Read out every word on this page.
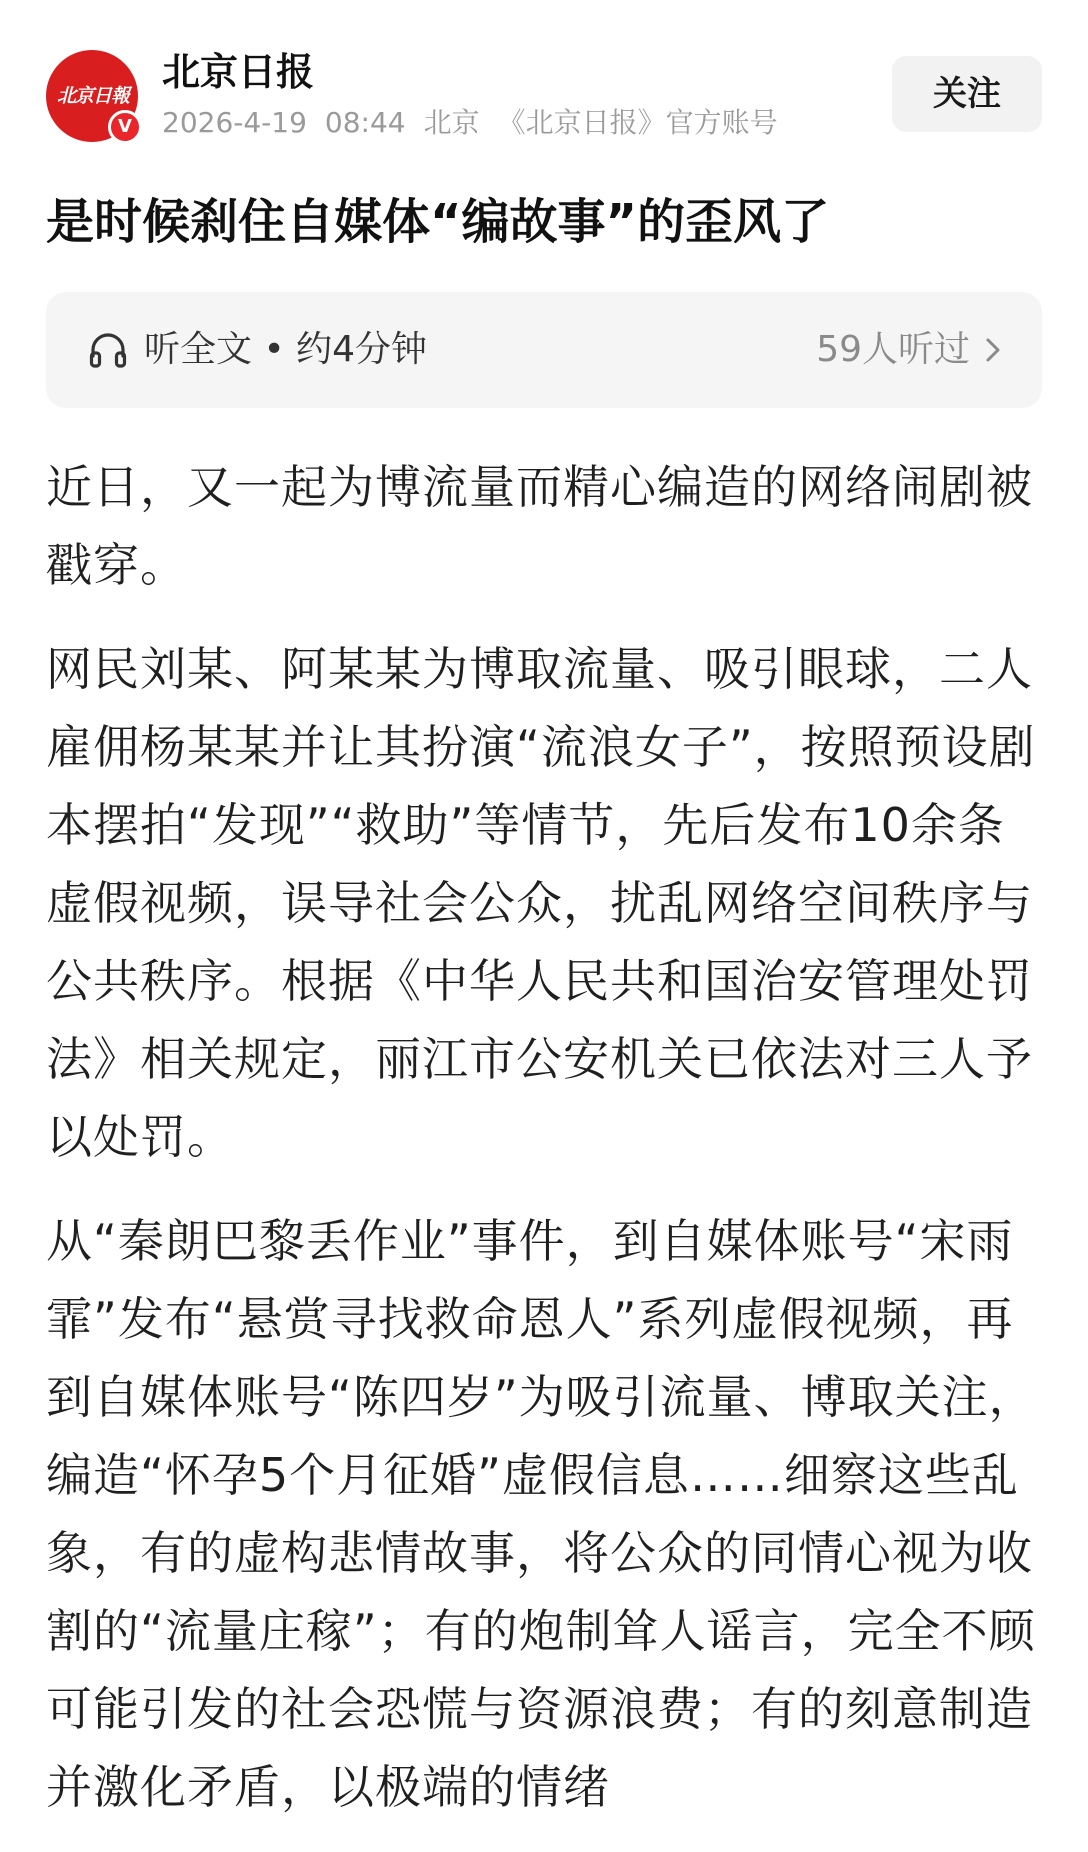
北京日報
V
北京日报
2026-4-19 08:44 北京 《北京日报》官方账号
关注
是时候刹住自媒体“编故事”的歪风了
听全文 • 约4分钟	59人听过

近日，又一起为博流量而精心编造的网络闹剧被戳穿。

网民刘某、阿某某为博取流量、吸引眼球，二人雇佣杨某某并让其扮演“流浪女子”，按照预设剧本摆拍“发现”“救助”等情节，先后发布10余条虚假视频，误导社会公众，扰乱网络空间秩序与公共秩序。根据《中华人民共和国治安管理处罚法》相关规定，丽江市公安机关已依法对三人予以处罚。

从“秦朗巴黎丢作业”事件，到自媒体账号“宋雨霏”发布“悬赏寻找救命恩人”系列虚假视频，再到自媒体账号“陈四岁”为吸引流量、博取关注，编造“怀孕5个月征婚”虚假信息……细察这些乱象，有的虚构悲情故事，将公众的同情心视为收割的“流量庄稼”；有的炮制耸人谣言，完全不顾可能引发的社会恐慌与资源浪费；有的刻意制造并激化矛盾，以极端的情绪
